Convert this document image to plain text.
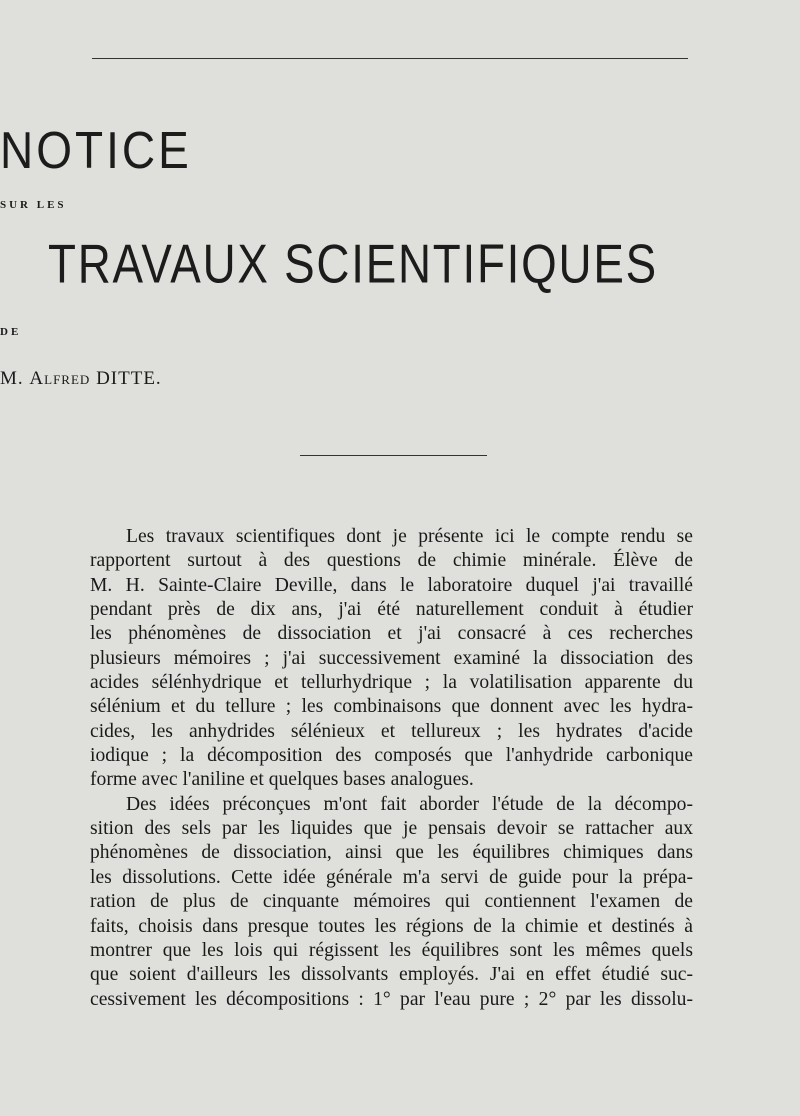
NOTICE
SUR LES
TRAVAUX SCIENTIFIQUES
DE
M. Alfred DITTE.
Les travaux scientifiques dont je présente ici le compte rendu se
rapportent surtout à des questions de chimie minérale. Élève de
M. H. Sainte-Claire Deville, dans le laboratoire duquel j'ai travaillé
pendant près de dix ans, j'ai été naturellement conduit à étudier
les phénomènes de dissociation et j'ai consacré à ces recherches
plusieurs mémoires ; j'ai successivement examiné la dissociation des
acides sélénhydrique et tellurhydrique ; la volatilisation apparente du
sélénium et du tellure ; les combinaisons que donnent avec les hydra-
cides, les anhydrides sélénieux et tellureux ; les hydrates d'acide
iodique ; la décomposition des composés que l'anhydride carbonique
forme avec l'aniline et quelques bases analogues.
Des idées préconçues m'ont fait aborder l'étude de la décompo-
sition des sels par les liquides que je pensais devoir se rattacher aux
phénomènes de dissociation, ainsi que les équilibres chimiques dans
les dissolutions. Cette idée générale m'a servi de guide pour la prépa-
ration de plus de cinquante mémoires qui contiennent l'examen de
faits, choisis dans presque toutes les régions de la chimie et destinés à
montrer que les lois qui régissent les équilibres sont les mêmes quels
que soient d'ailleurs les dissolvants employés. J'ai en effet étudié suc-
cessivement les décompositions : 1° par l'eau pure ; 2° par les dissolu-
